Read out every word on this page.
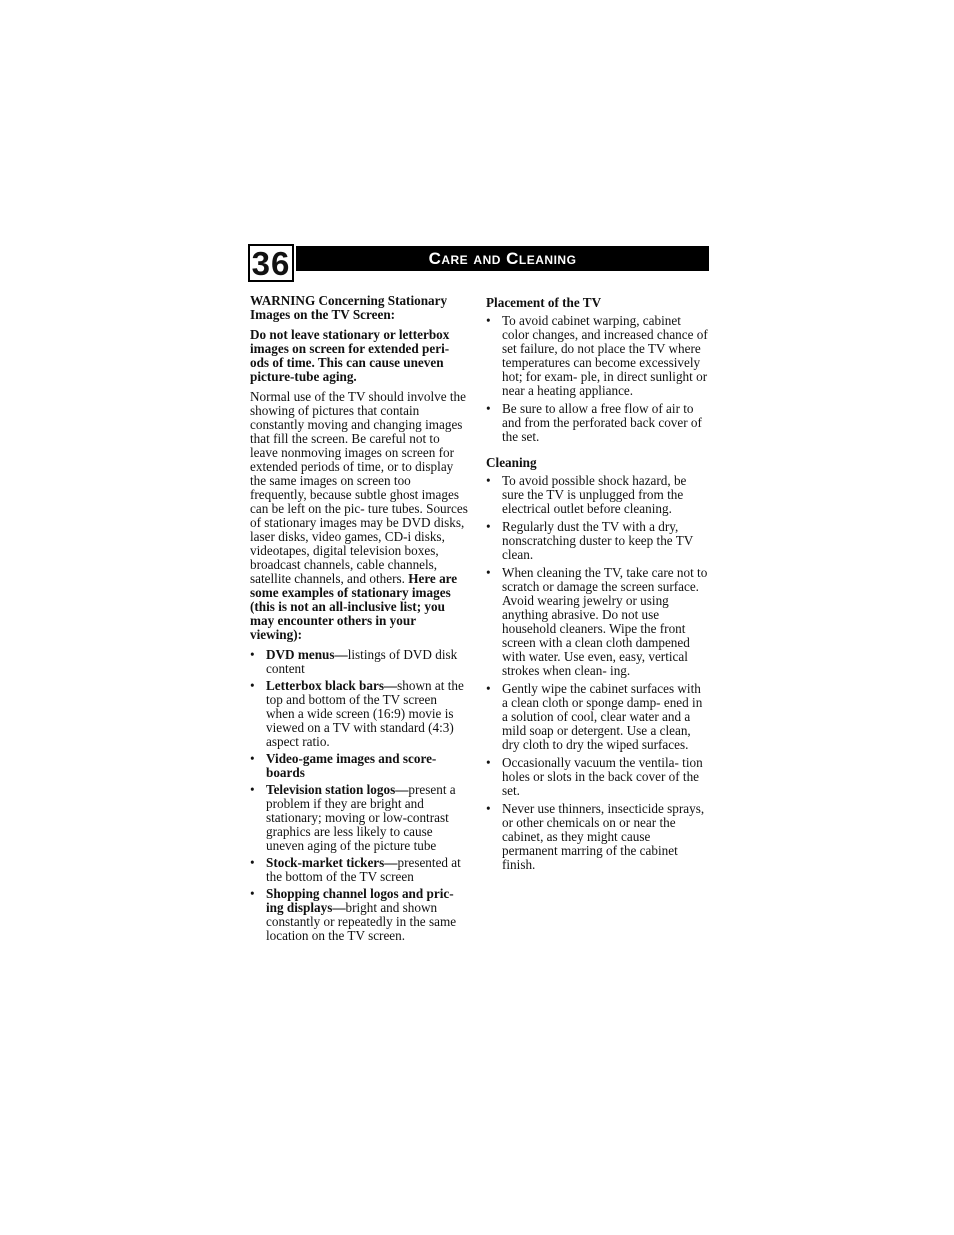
36	Care and Cleaning

WARNING Concerning Stationary Images on the TV Screen:

Do not leave stationary or letterbox images on screen for extended peri- ods of time. This can cause uneven picture-tube aging.

Normal use of the TV should involve the showing of pictures that contain constantly moving and changing images that fill the screen. Be careful not to leave nonmoving images on screen for extended periods of time, or to display the same images on screen too frequently, because subtle ghost images can be left on the pic- ture tubes. Sources of stationary images may be DVD disks, laser disks, video games, CD-i disks, videotapes, digital television boxes, broadcast channels, cable channels, satellite channels, and others. Here are some examples of stationary images (this is not an all-inclusive list; you may encounter others in your viewing):

• DVD menus—listings of DVD disk content
• Letterbox black bars—shown at the top and bottom of the TV screen when a wide screen (16:9) movie is viewed on a TV with standard (4:3) aspect ratio.
• Video-game images and score- boards
• Television station logos—present a problem if they are bright and stationary; moving or low-contrast graphics are less likely to cause uneven aging of the picture tube
• Stock-market tickers—presented at the bottom of the TV screen
• Shopping channel logos and pric- ing displays—bright and shown constantly or repeatedly in the same location on the TV screen.

Placement of the TV

• To avoid cabinet warping, cabinet color changes, and increased chance of set failure, do not place the TV where temperatures can become excessively hot; for exam- ple, in direct sunlight or near a heating appliance.
• Be sure to allow a free flow of air to and from the perforated back cover of the set.

Cleaning

• To avoid possible shock hazard, be sure the TV is unplugged from the electrical outlet before cleaning.
• Regularly dust the TV with a dry, nonscratching duster to keep the TV clean.
• When cleaning the TV, take care not to scratch or damage the screen surface. Avoid wearing jewelry or using anything abrasive. Do not use household cleaners. Wipe the front screen with a clean cloth dampened with water. Use even, easy, vertical strokes when clean- ing.
• Gently wipe the cabinet surfaces with a clean cloth or sponge damp- ened in a solution of cool, clear water and a mild soap or detergent. Use a clean, dry cloth to dry the wiped surfaces.
• Occasionally vacuum the ventila- tion holes or slots in the back cover of the set.
• Never use thinners, insecticide sprays, or other chemicals on or near the cabinet, as they might cause permanent marring of the cabinet finish.
